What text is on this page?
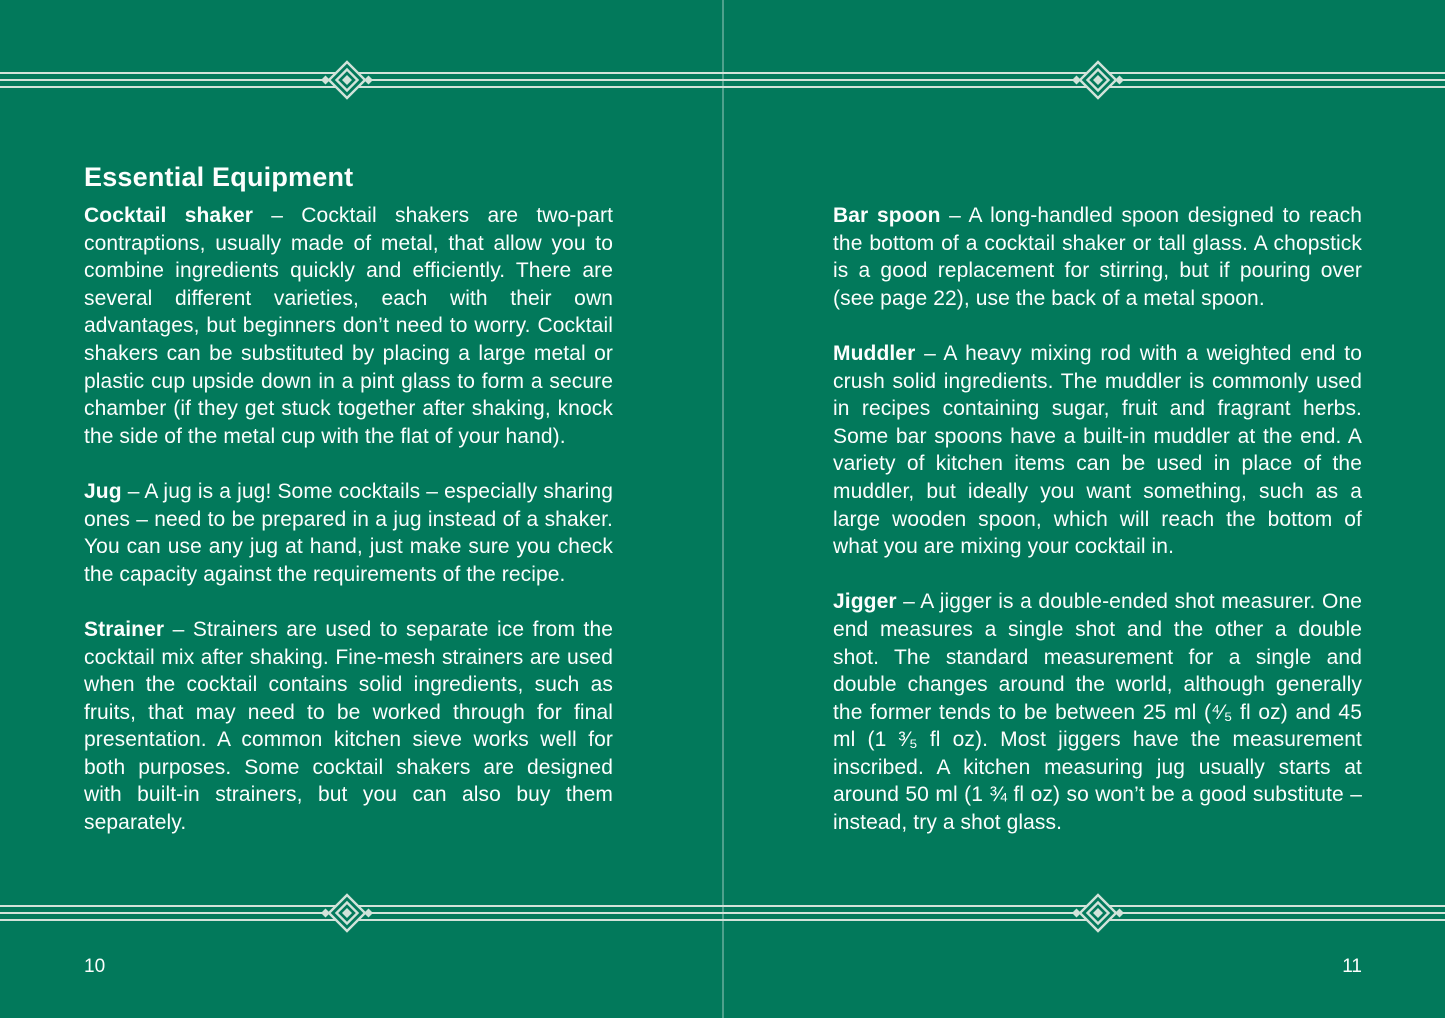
Essential Equipment

Cocktail shaker – Cocktail shakers are two-part contraptions, usually made of metal, that allow you to combine ingredients quickly and efficiently. There are several different varieties, each with their own advantages, but beginners don’t need to worry. Cocktail shakers can be substituted by placing a large metal or plastic cup upside down in a pint glass to form a secure chamber (if they get stuck together after shaking, knock the side of the metal cup with the flat of your hand).

Jug – A jug is a jug! Some cocktails – especially sharing ones – need to be prepared in a jug instead of a shaker. You can use any jug at hand, just make sure you check the capacity against the requirements of the recipe.

Strainer – Strainers are used to separate ice from the cocktail mix after shaking. Fine-mesh strainers are used when the cocktail contains solid ingredients, such as fruits, that may need to be worked through for final presentation. A common kitchen sieve works well for both purposes. Some cocktail shakers are designed with built-in strainers, but you can also buy them separately.

Bar spoon – A long-handled spoon designed to reach the bottom of a cocktail shaker or tall glass. A chopstick is a good replacement for stirring, but if pouring over (see page 22), use the back of a metal spoon.

Muddler – A heavy mixing rod with a weighted end to crush solid ingredients. The muddler is commonly used in recipes containing sugar, fruit and fragrant herbs. Some bar spoons have a built-in muddler at the end. A variety of kitchen items can be used in place of the muddler, but ideally you want something, such as a large wooden spoon, which will reach the bottom of what you are mixing your cocktail in.

Jigger – A jigger is a double-ended shot measurer. One end measures a single shot and the other a double shot. The standard measurement for a single and double changes around the world, although generally the former tends to be between 25 ml (⁴⁄₅ fl oz) and 45 ml (1 ³⁄₅ fl oz). Most jiggers have the measurement inscribed. A kitchen measuring jug usually starts at around 50 ml (1 ¾ fl oz) so won’t be a good substitute – instead, try a shot glass.

10	11
